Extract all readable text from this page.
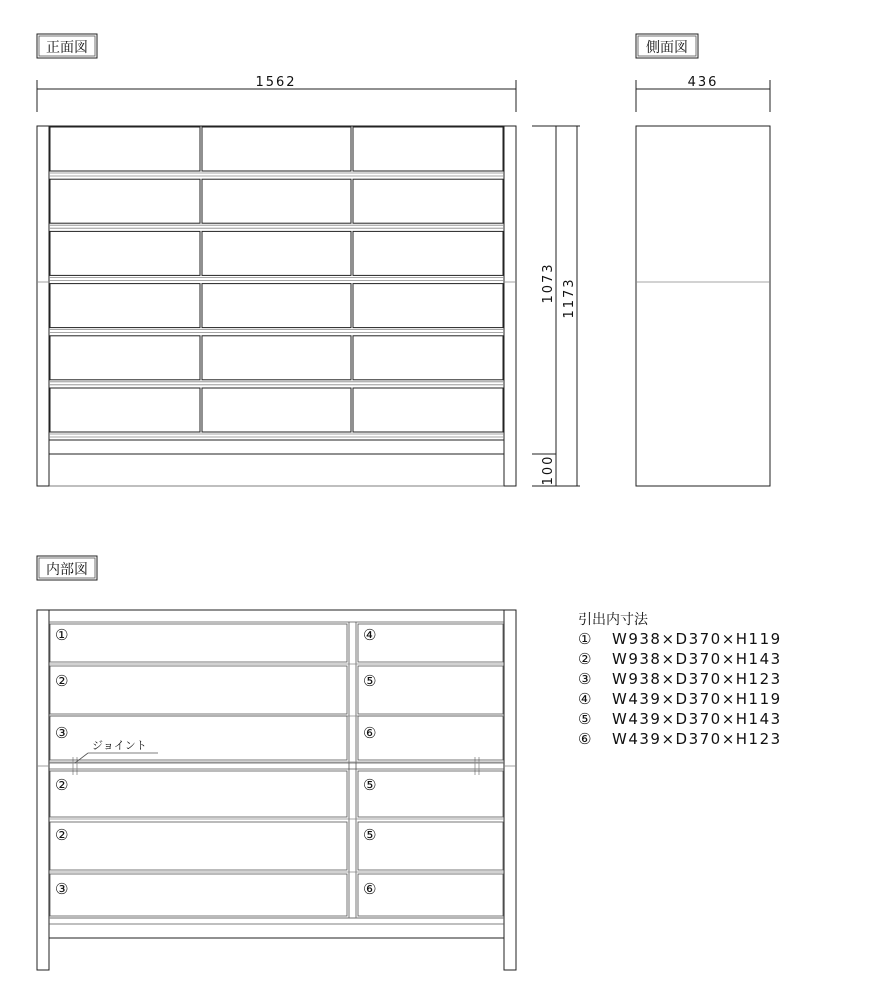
正面図	側面図
内部図
1562
1073 1173
100
436
ジョイント
①
②
③
④
⑤
⑥
②
②
③
⑤
⑤
⑥
引出内寸法
① W938×D370×H119
② W938×D370×H143
③ W938×D370×H123
④ W439×D370×H119
⑤ W439×D370×H143
⑥ W439×D370×H123
